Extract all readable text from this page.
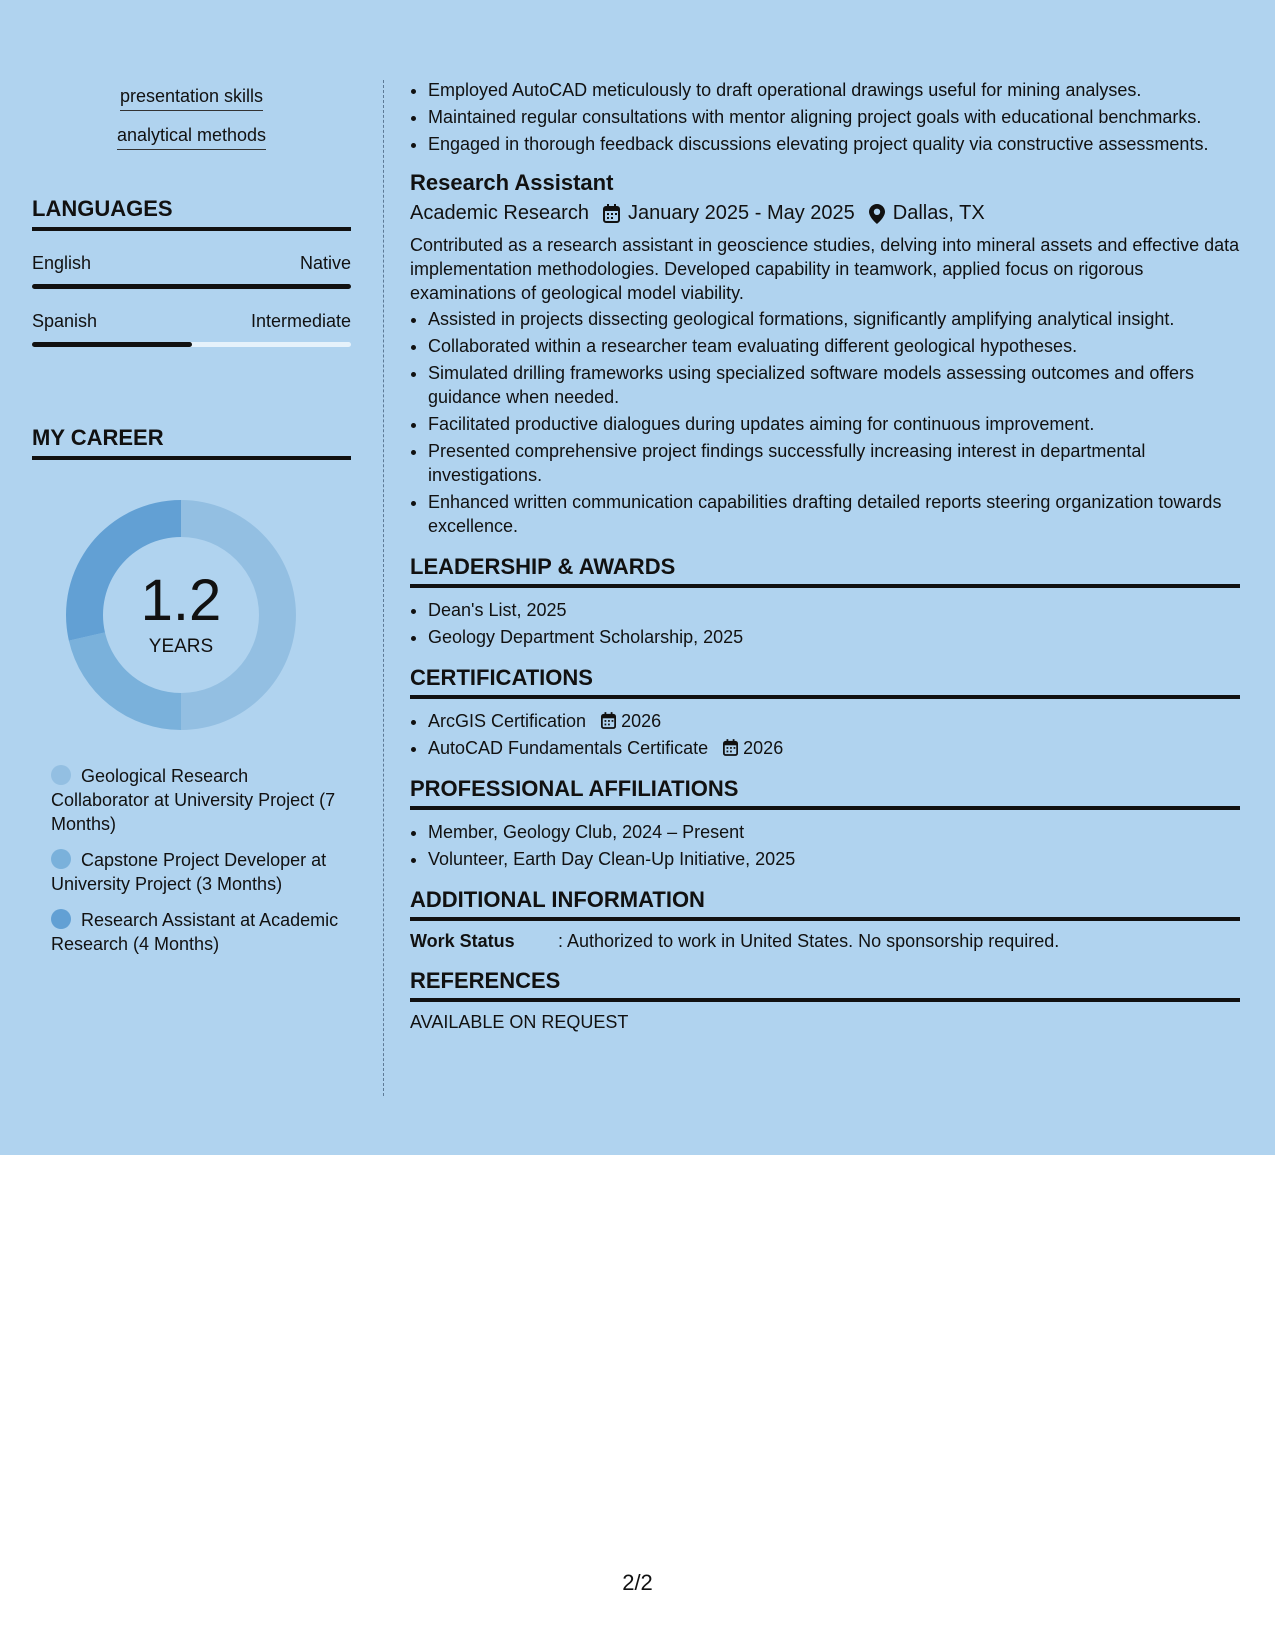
presentation skills
analytical methods
LANGUAGES
English	Native
Spanish	Intermediate
MY CAREER
1.2
YEARS
Geological Research Collaborator at University Project (7 Months)
Capstone Project Developer at University Project (3 Months)
Research Assistant at Academic Research (4 Months)
• Employed AutoCAD meticulously to draft operational drawings useful for mining analyses.
• Maintained regular consultations with mentor aligning project goals with educational benchmarks.
• Engaged in thorough feedback discussions elevating project quality via constructive assessments.
Research Assistant
Academic Research January 2025 - May 2025 Dallas, TX
Contributed as a research assistant in geoscience studies, delving into mineral assets and effective data implementation methodologies. Developed capability in teamwork, applied focus on rigorous examinations of geological model viability.
• Assisted in projects dissecting geological formations, significantly amplifying analytical insight.
• Collaborated within a researcher team evaluating different geological hypotheses.
• Simulated drilling frameworks using specialized software models assessing outcomes and offers guidance when needed.
• Facilitated productive dialogues during updates aiming for continuous improvement.
• Presented comprehensive project findings successfully increasing interest in departmental investigations.
• Enhanced written communication capabilities drafting detailed reports steering organization towards excellence.
LEADERSHIP & AWARDS
• Dean's List, 2025
• Geology Department Scholarship, 2025
CERTIFICATIONS
• ArcGIS Certification 2026
• AutoCAD Fundamentals Certificate 2026
PROFESSIONAL AFFILIATIONS
• Member, Geology Club, 2024 – Present
• Volunteer, Earth Day Clean-Up Initiative, 2025
ADDITIONAL INFORMATION
Work Status	: Authorized to work in United States. No sponsorship required.
REFERENCES
AVAILABLE ON REQUEST
2/2
